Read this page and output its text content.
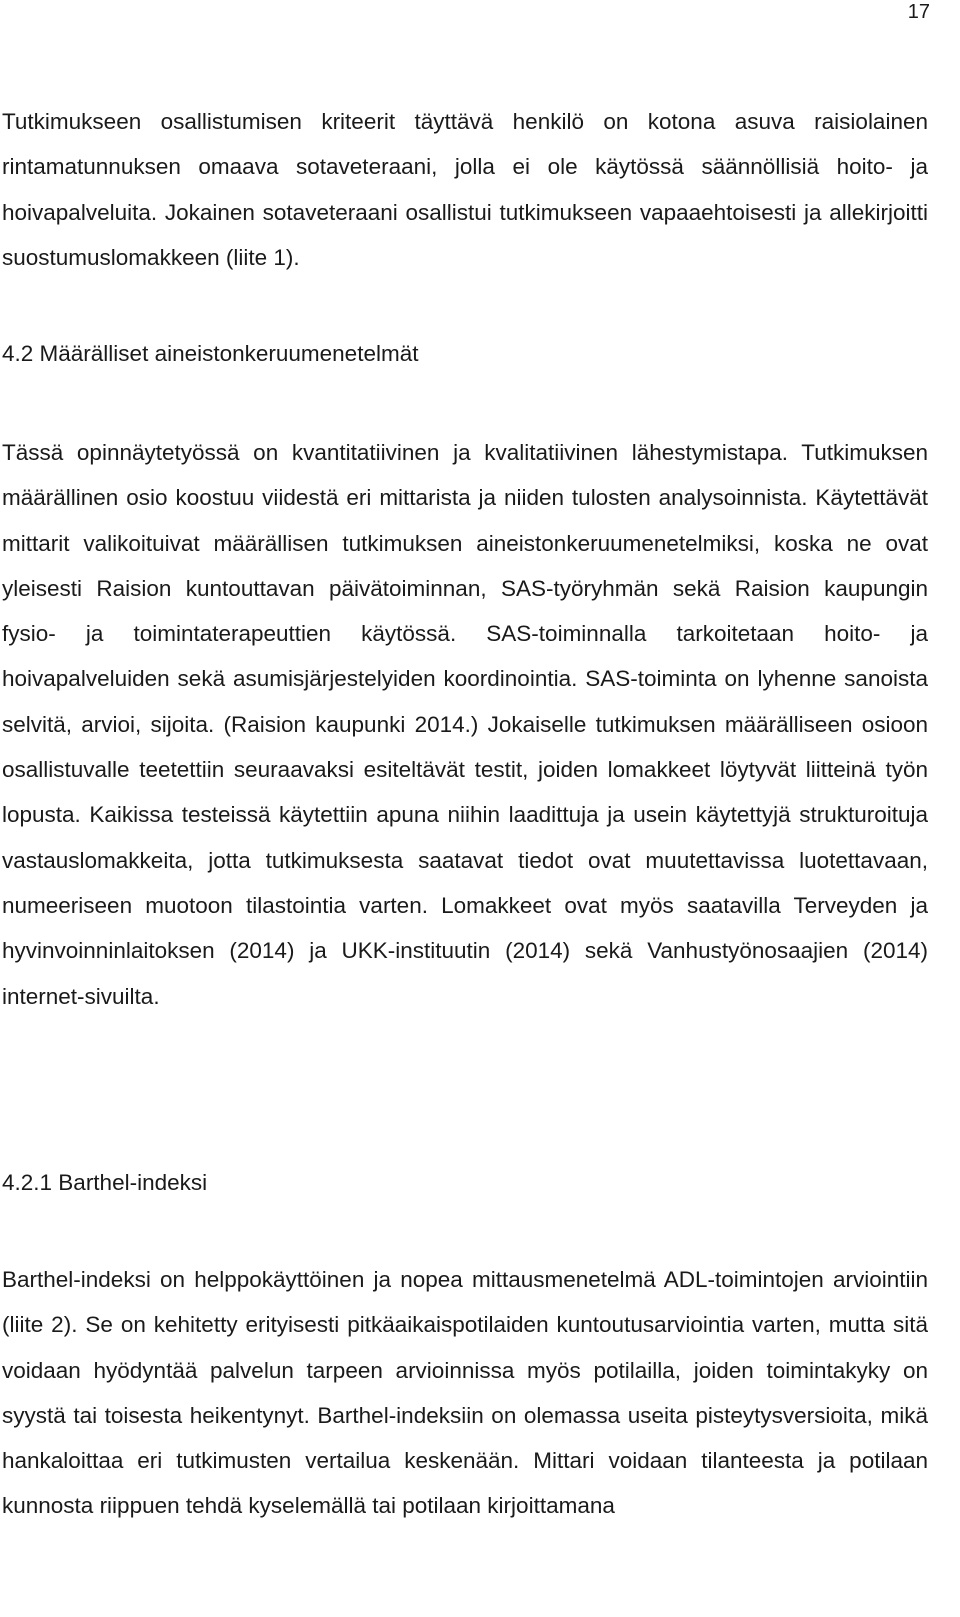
17

Tutkimukseen osallistumisen kriteerit täyttävä henkilö on kotona asuva raisiolainen rintamatunnuksen omaava sotaveteraani, jolla ei ole käytössä säännöllisiä hoito- ja hoivapalveluita. Jokainen sotaveteraani osallistui tutkimukseen vapaaehtoisesti ja allekirjoitti suostumuslomakkeen (liite 1).

4.2 Määrälliset aineistonkeruumenetelmät

Tässä opinnäytetyössä on kvantitatiivinen ja kvalitatiivinen lähestymistapa. Tutkimuksen määrällinen osio koostuu viidestä eri mittarista ja niiden tulosten analysoinnista. Käytettävät mittarit valikoituivat määrällisen tutkimuksen aineistonkeruumenetelmiksi, koska ne ovat yleisesti Raision kuntouttavan päivätoiminnan, SAS-työryhmän sekä Raision kaupungin fysio- ja toimintaterapeuttien käytössä. SAS-toiminnalla tarkoitetaan hoito- ja hoivapalveluiden sekä asumisjärjestelyiden koordinointia. SAS-toiminta on lyhenne sanoista selvitä, arvioi, sijoita. (Raision kaupunki 2014.) Jokaiselle tutkimuksen määrälliseen osioon osallistuvalle teetettiin seuraavaksi esiteltävät testit, joiden lomakkeet löytyvät liitteinä työn lopusta. Kaikissa testeissä käytettiin apuna niihin laadittuja ja usein käytettyjä strukturoituja vastauslomakkeita, jotta tutkimuksesta saatavat tiedot ovat muutettavissa luotettavaan, numeeriseen muotoon tilastointia varten. Lomakkeet ovat myös saatavilla Terveyden ja hyvinvoinninlaitoksen (2014) ja UKK-instituutin (2014) sekä Vanhustyönosaajien (2014) internet-sivuilta.

4.2.1 Barthel-indeksi

Barthel-indeksi on helppokäyttöinen ja nopea mittausmenetelmä ADL-toimintojen arviointiin (liite 2). Se on kehitetty erityisesti pitkäaikaispotilaiden kuntoutusarviointia varten, mutta sitä voidaan hyödyntää palvelun tarpeen arvioinnissa myös potilailla, joiden toimintakyky on syystä tai toisesta heikentynyt. Barthel-indeksiin on olemassa useita pisteytysversioita, mikä hankaloittaa eri tutkimusten vertailua keskenään. Mittari voidaan tilanteesta ja potilaan kunnosta riippuen tehdä kyselemällä tai potilaan kirjoittamana
